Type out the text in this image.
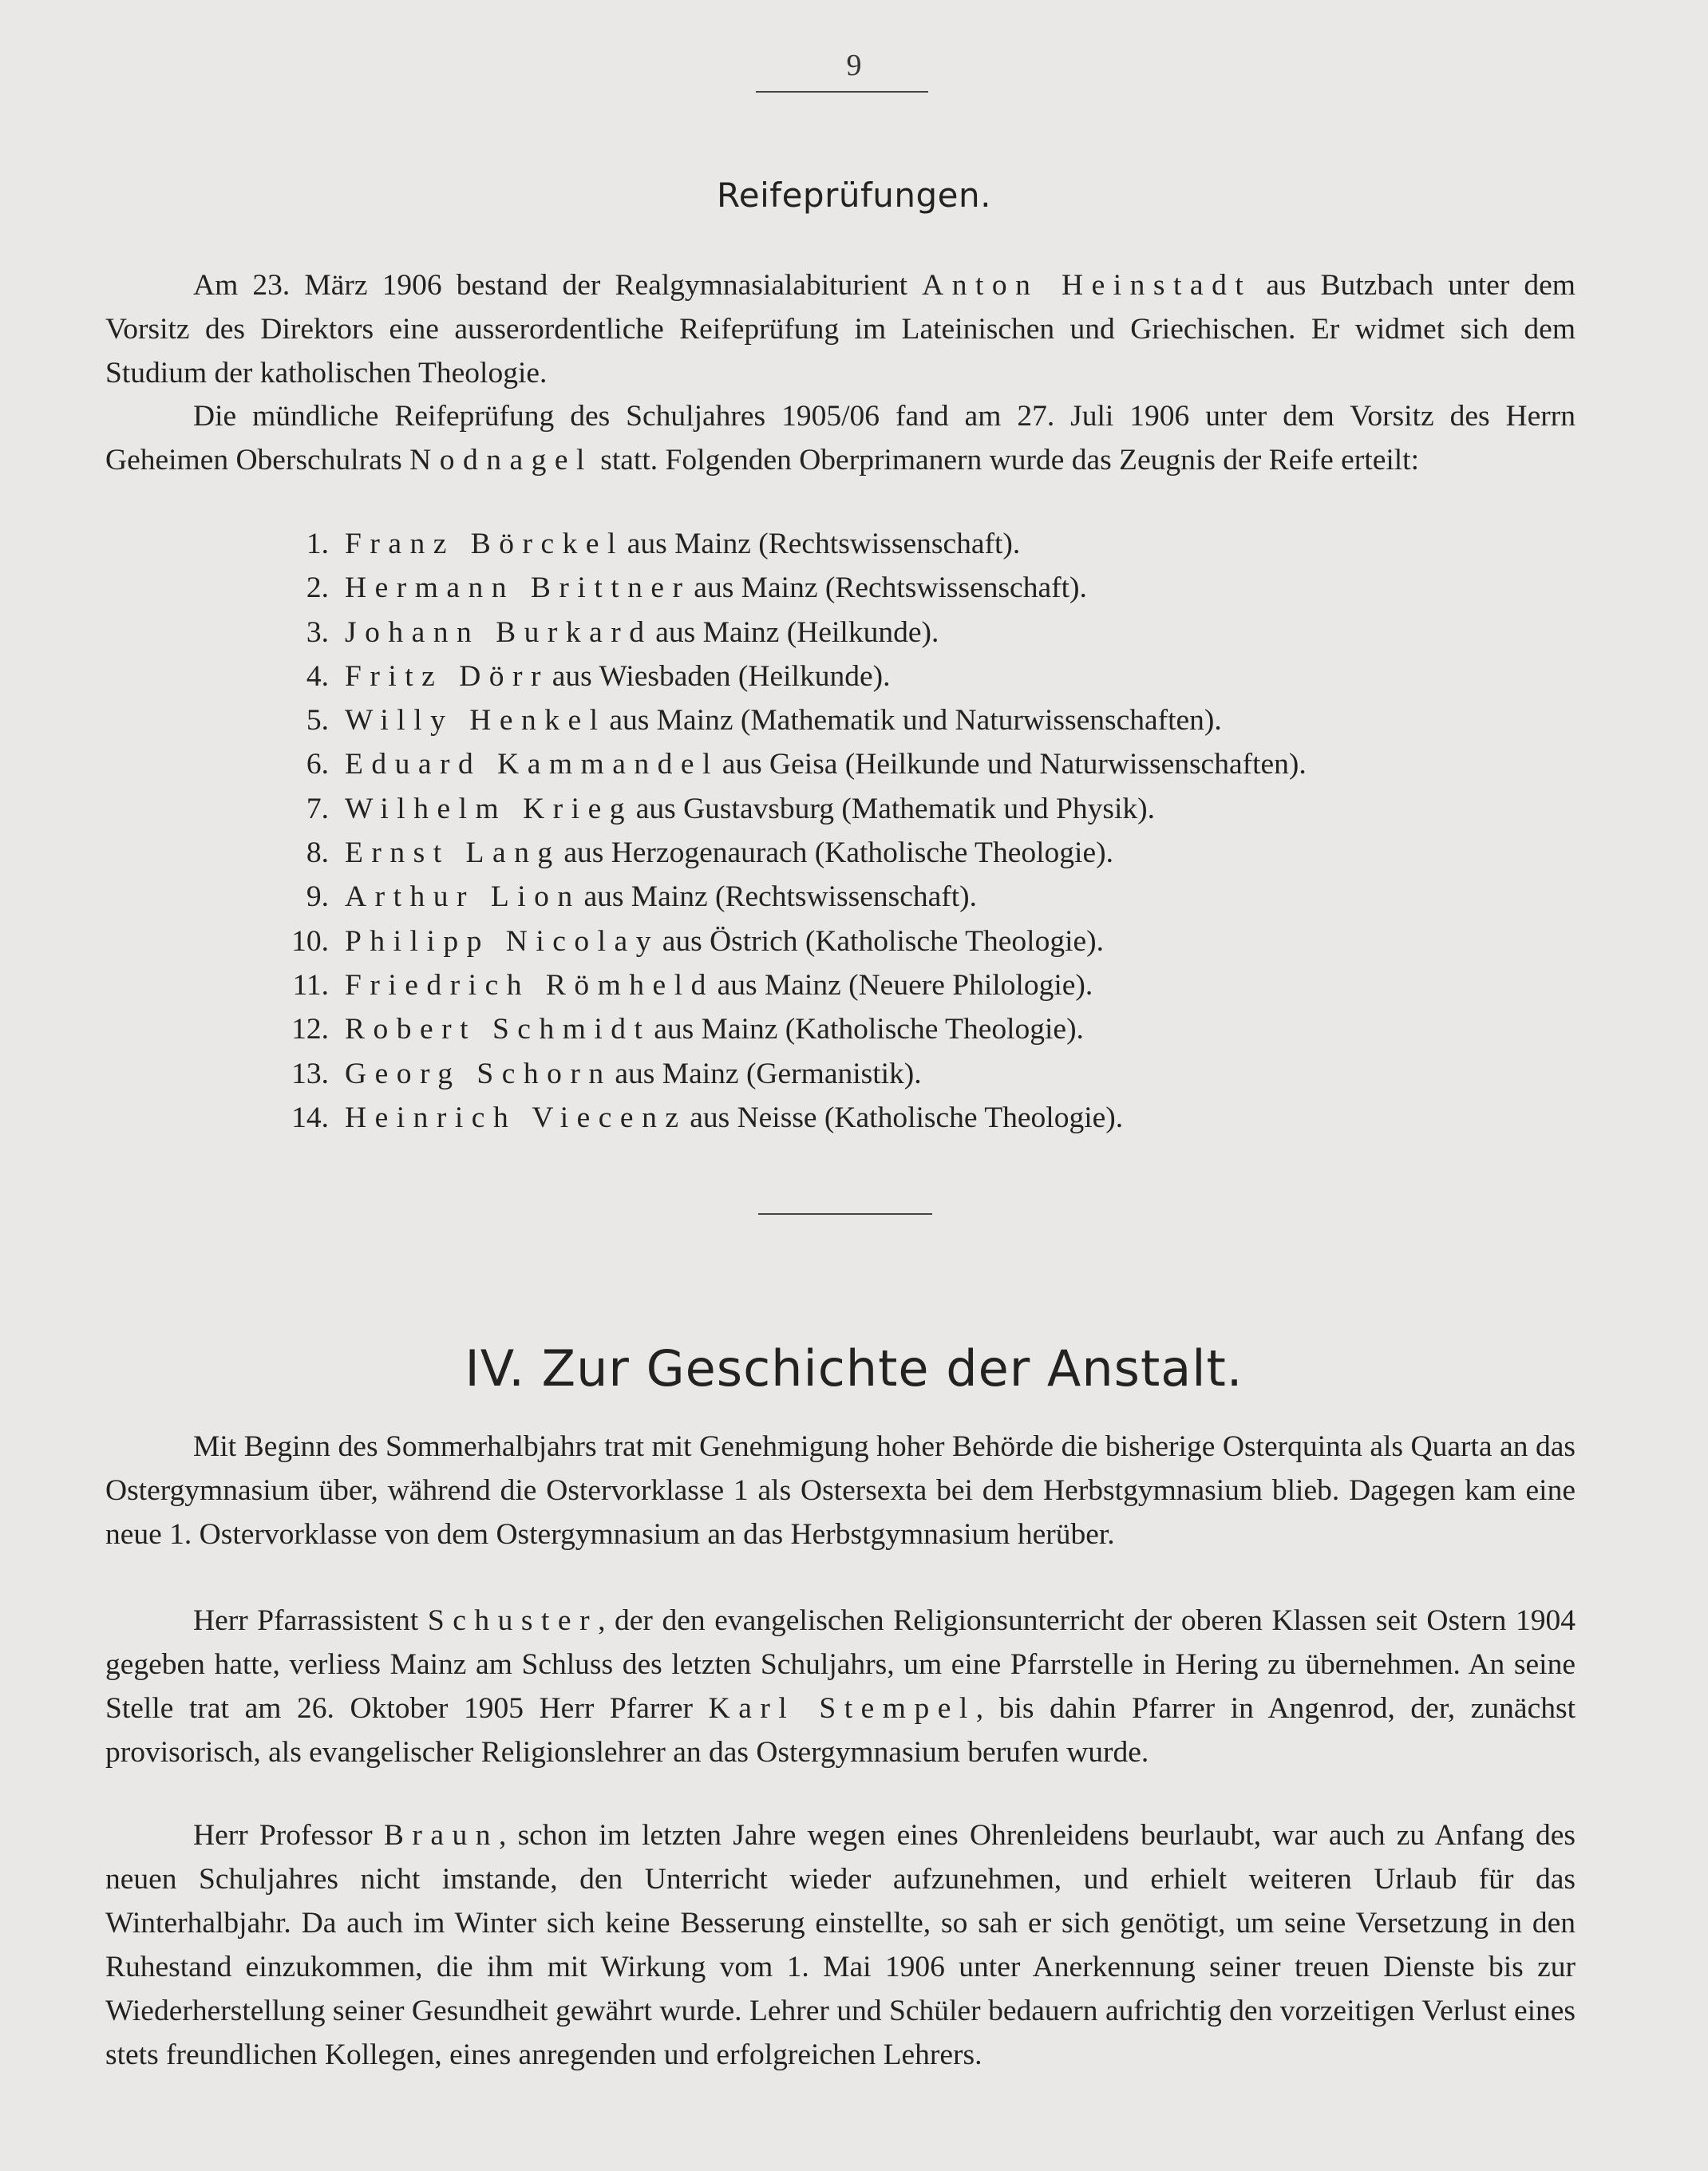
9
Reifeprüfungen.

Am 23. März 1906 bestand der Realgymnasialabiturient Anton Heinstadt aus Butzbach unter dem Vorsitz des Direktors eine ausserordentliche Reifeprüfung im Lateinischen und Griechischen. Er widmet sich dem Studium der katholischen Theologie.

Die mündliche Reifeprüfung des Schuljahres 1905/06 fand am 27. Juli 1906 unter dem Vorsitz des Herrn Geheimen Oberschulrats Nodnagel statt. Folgenden Oberprimanern wurde das Zeugnis der Reife erteilt:

1. Franz Börckel aus Mainz (Rechtswissenschaft).
2. Hermann Brittner aus Mainz (Rechtswissenschaft).
3. Johann Burkard aus Mainz (Heilkunde).
4. Fritz Dörr aus Wiesbaden (Heilkunde).
5. Willy Henkel aus Mainz (Mathematik und Naturwissenschaften).
6. Eduard Kammandel aus Geisa (Heilkunde und Naturwissenschaften).
7. Wilhelm Krieg aus Gustavsburg (Mathematik und Physik).
8. Ernst Lang aus Herzogenaurach (Katholische Theologie).
9. Arthur Lion aus Mainz (Rechtswissenschaft).
10. Philipp Nicolay aus Östrich (Katholische Theologie).
11. Friedrich Römheld aus Mainz (Neuere Philologie).
12. Robert Schmidt aus Mainz (Katholische Theologie).
13. Georg Schorn aus Mainz (Germanistik).
14. Heinrich Viecenz aus Neisse (Katholische Theologie).
IV. Zur Geschichte der Anstalt.

Mit Beginn des Sommerhalbjahrs trat mit Genehmigung hoher Behörde die bisherige Osterquinta als Quarta an das Ostergymnasium über, während die Ostervorklasse 1 als Ostersexta bei dem Herbstgymnasium blieb. Dagegen kam eine neue 1. Ostervorklasse von dem Ostergymnasium an das Herbstgymnasium herüber.

Herr Pfarrassistent Schuster, der den evangelischen Religionsunterricht der oberen Klassen seit Ostern 1904 gegeben hatte, verliess Mainz am Schluss des letzten Schuljahrs, um eine Pfarrstelle in Hering zu übernehmen. An seine Stelle trat am 26. Oktober 1905 Herr Pfarrer Karl Stempel, bis dahin Pfarrer in Angenrod, der, zunächst provisorisch, als evangelischer Religionslehrer an das Ostergymnasium berufen wurde.

Herr Professor Braun, schon im letzten Jahre wegen eines Ohrenleidens beurlaubt, war auch zu Anfang des neuen Schuljahres nicht imstande, den Unterricht wieder aufzunehmen, und erhielt weiteren Urlaub für das Winterhalbjahr. Da auch im Winter sich keine Besserung einstellte, so sah er sich genötigt, um seine Versetzung in den Ruhestand einzukommen, die ihm mit Wirkung vom 1. Mai 1906 unter Anerkennung seiner treuen Dienste bis zur Wiederherstellung seiner Gesundheit gewährt wurde. Lehrer und Schüler bedauern aufrichtig den vorzeitigen Verlust eines stets freundlichen Kollegen, eines anregenden und erfolgreichen Lehrers.
